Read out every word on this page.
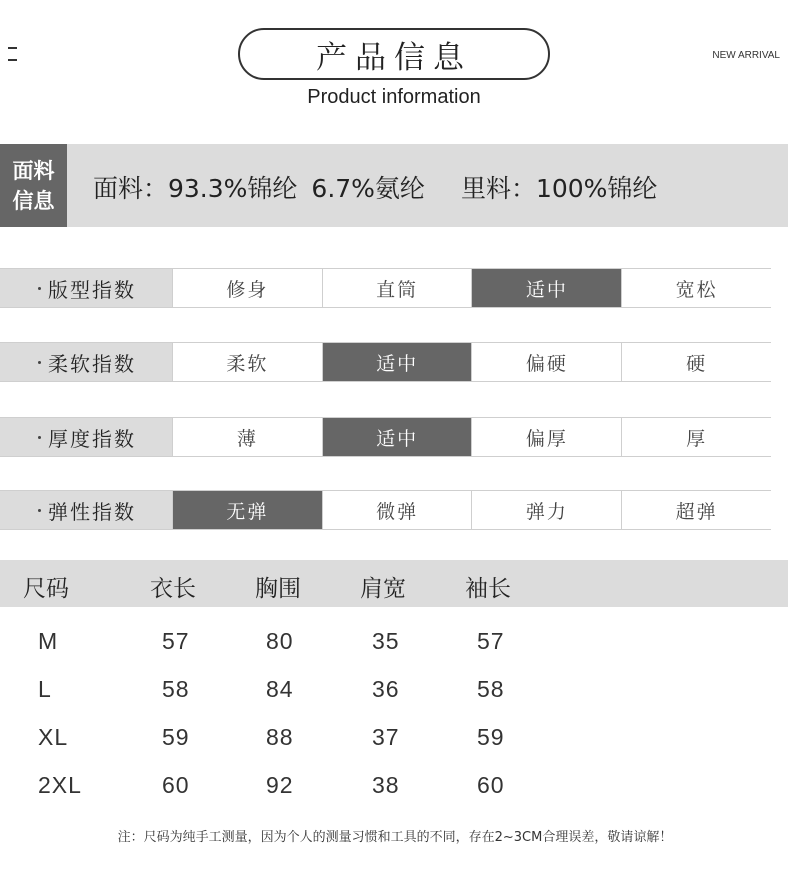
产品信息
Product information
NEW ARRIVAL
面料
信息 面料：93.3%锦纶 6.7%氨纶 里料：100%锦纶
版型指数	修身	直筒	适中	宽松
柔软指数	柔软	适中	偏硬	硬
厚度指数	薄	适中	偏厚	厚
弹性指数	无弹	微弹	弹力	超弹
尺码	衣长	胸围	肩宽	袖长
M	57	80	35	57
L	58	84	36	58
XL	59	88	37	59
2XL	60	92	38	60
注：尺码为纯手工测量，因为个人的测量习惯和工具的不同，存在2~3CM合理误差，敬请谅解！
